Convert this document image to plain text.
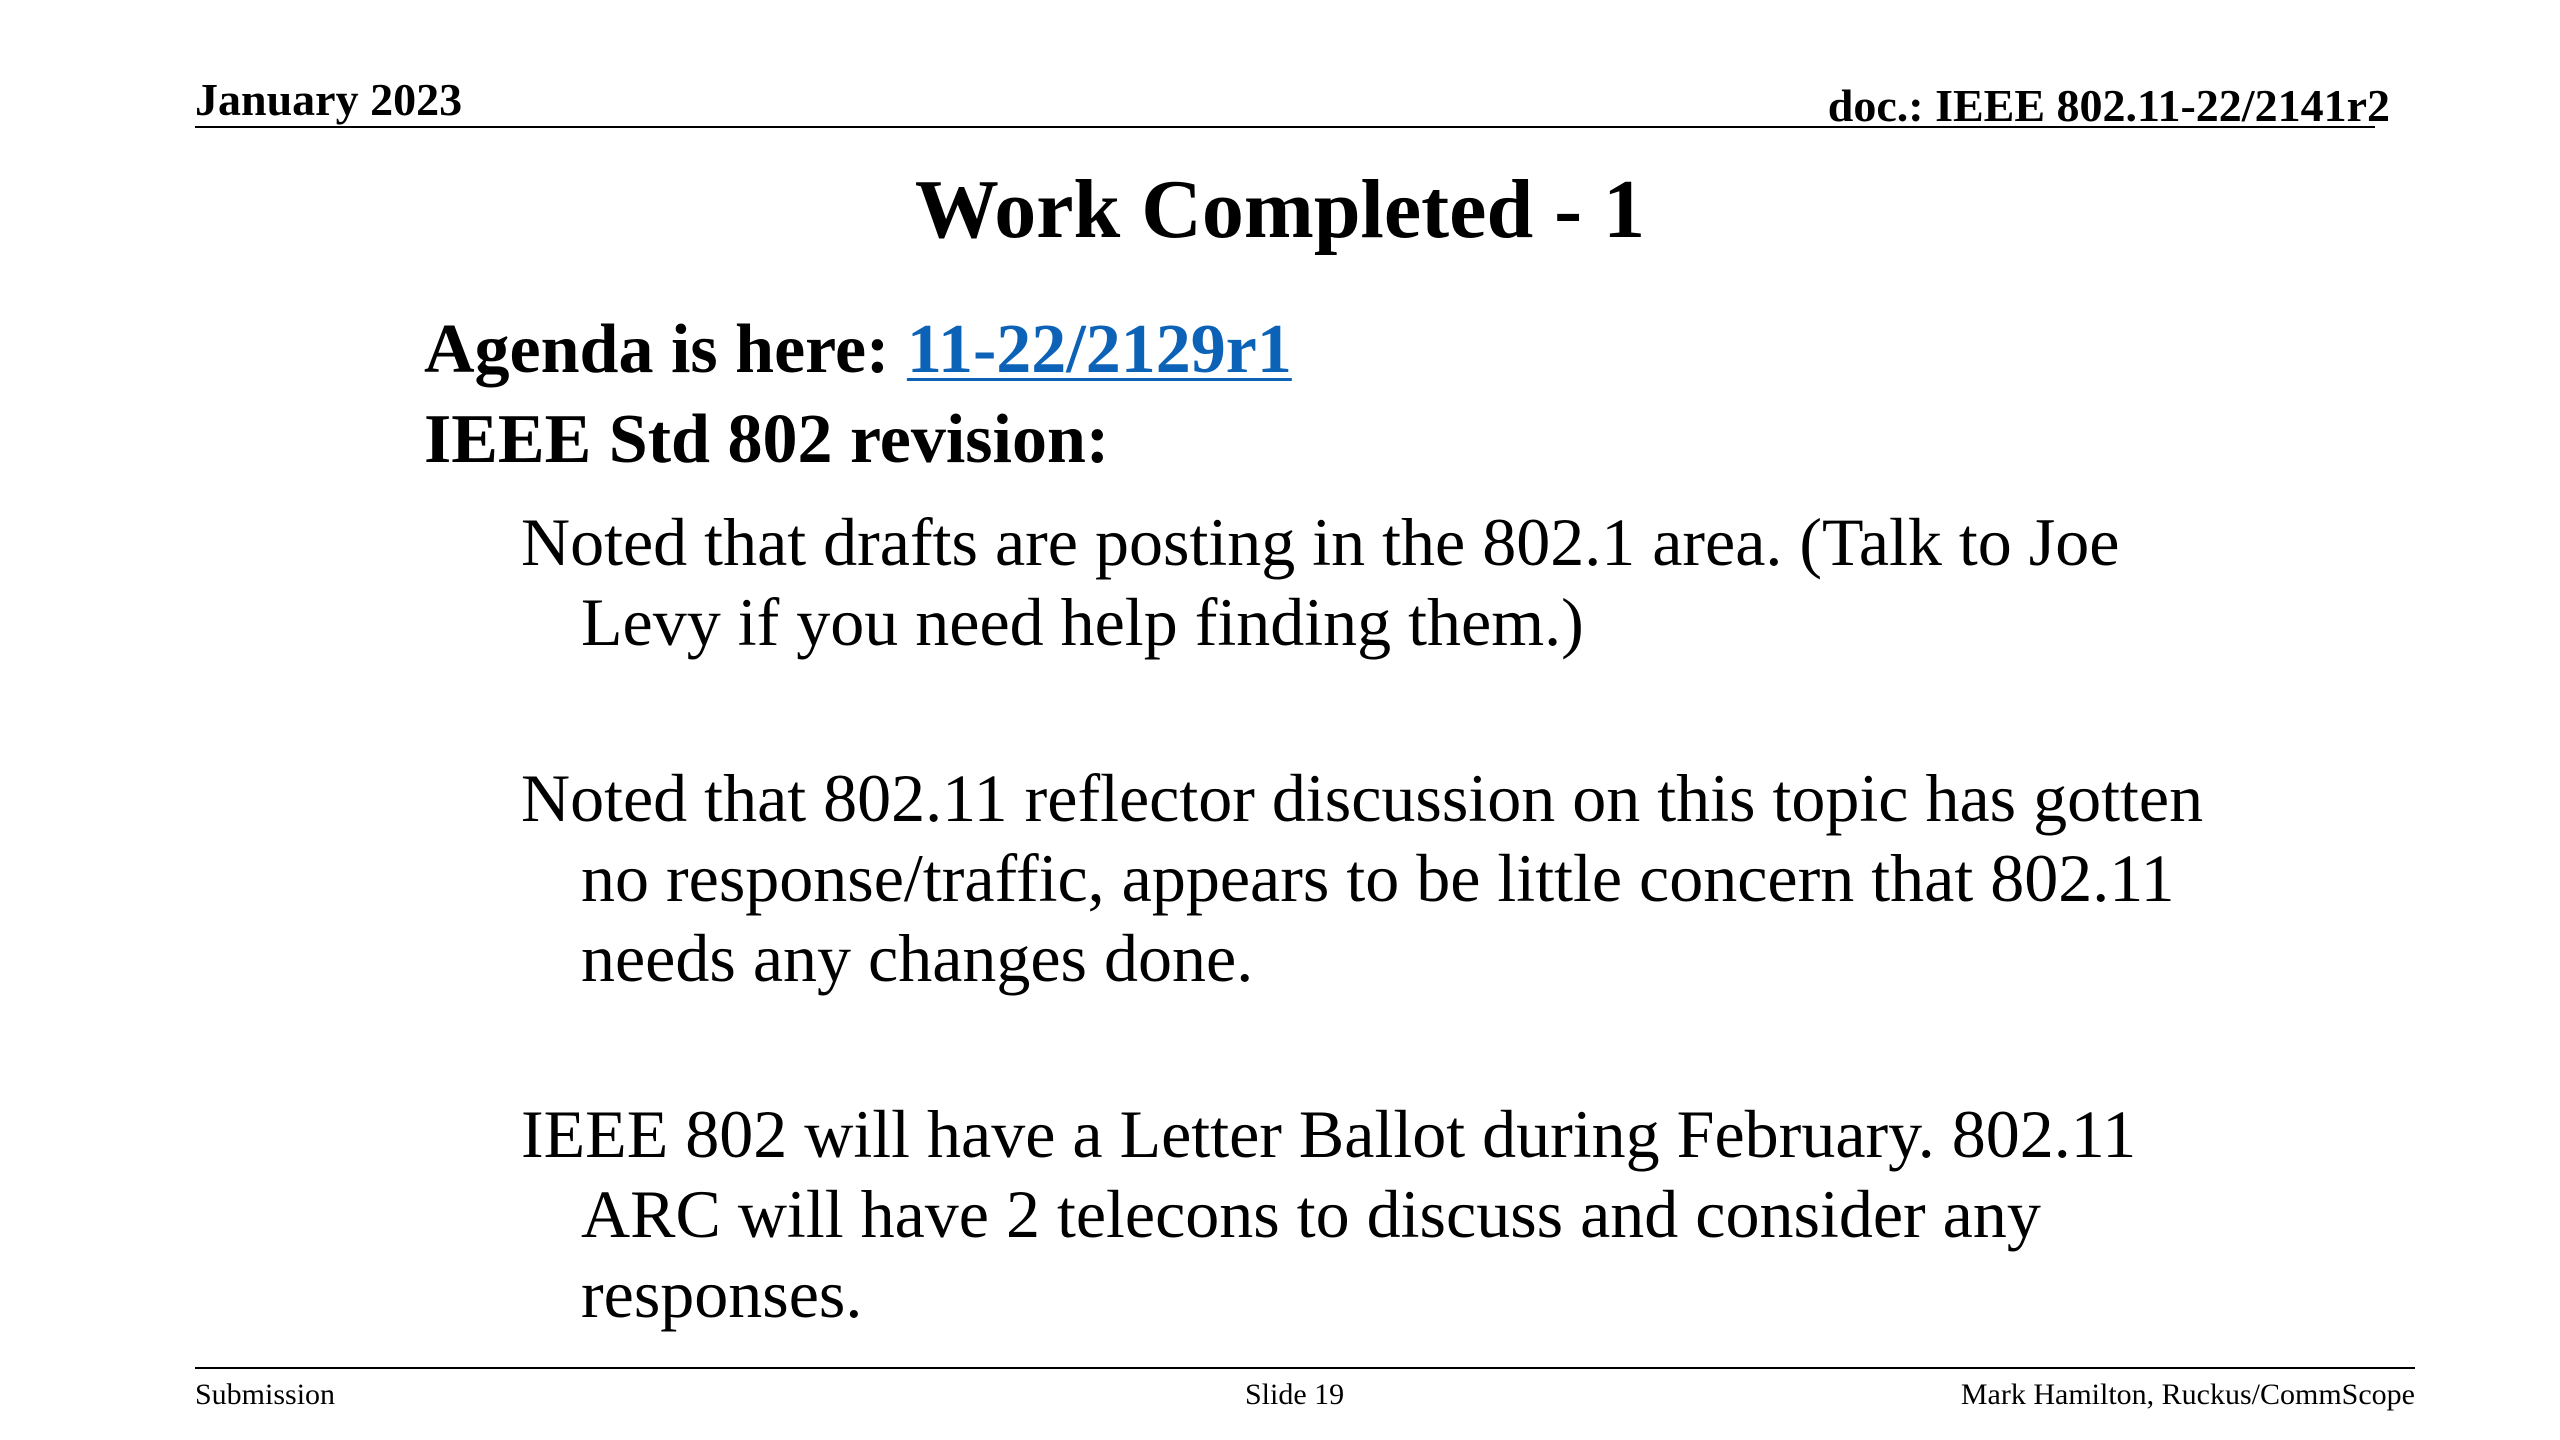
January 2023	doc.: IEEE 802.11-22/2141r2
Work Completed - 1
Agenda is here: 11-22/2129r1
IEEE Std 802 revision:
Noted that drafts are posting in the 802.1 area. (Talk to Joe Levy if you need help finding them.)
Noted that 802.11 reflector discussion on this topic has gotten no response/traffic, appears to be little concern that 802.11 needs any changes done.
IEEE 802 will have a Letter Ballot during February. 802.11 ARC will have 2 telecons to discuss and consider any responses.
Submission	Slide 19	Mark Hamilton, Ruckus/CommScope
